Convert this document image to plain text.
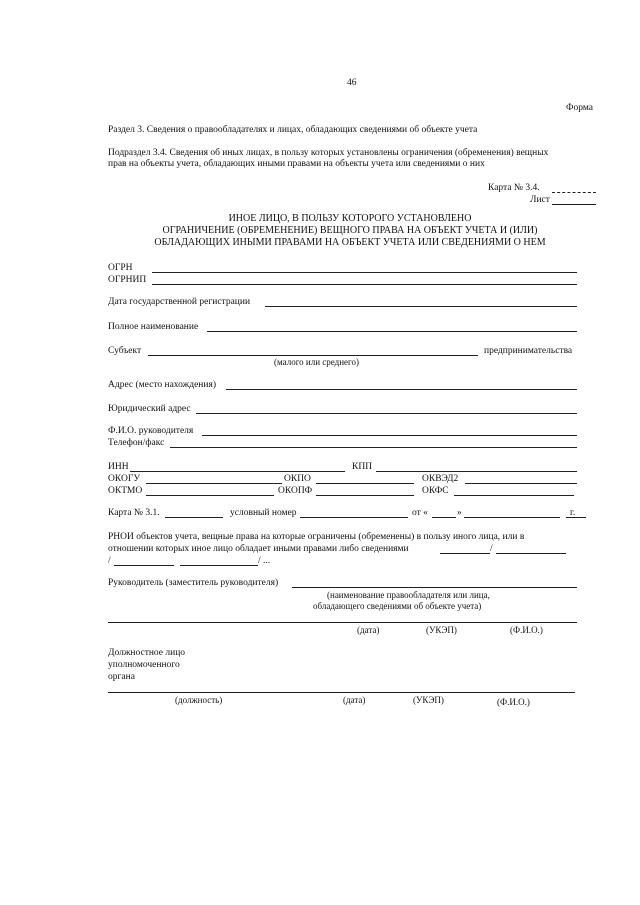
46
Форма
Раздел 3. Сведения о правообладателях и лицах, обладающих сведениями об объекте учета
Подраздел 3.4. Сведения об иных лицах, в пользу которых установлены ограничения (обременения) вещных
прав на объекты учета, обладающих иными правами на объекты учета или сведениями о них
Карта № 3.4.
Лист
ИНОЕ ЛИЦО, В ПОЛЬЗУ КОТОРОГО УСТАНОВЛЕНО
ОГРАНИЧЕНИЕ (ОБРЕМЕНЕНИЕ) ВЕЩНОГО ПРАВА НА ОБЪЕКТ УЧЕТА И (ИЛИ)
ОБЛАДАЮЩИХ ИНЫМИ ПРАВАМИ НА ОБЪЕКТ УЧЕТА ИЛИ СВЕДЕНИЯМИ О НЕМ
ОГРН
ОГРНИП
Дата государственной регистрации
Полное наименование
Субъект	предпринимательства
(малого или среднего)
Адрес (место нахождения)
Юридический адрес
Ф.И.О. руководителя
Телефон/факс
ИНН	КПП
ОКОГУ	ОКПО	ОКВЭД2
ОКТМО	ОКОПФ	ОКФС
Карта № 3.1.	условный номер	от «	»	г.
РНОИ объектов учета, вещные права на которые ограничены (обременены) в пользу иного лица, или в
отношении которых иное лицо обладает иными правами либо сведениями	/
/	/ ...
Руководитель (заместитель руководителя)
(наименование правообладателя или лица,
обладающего сведениями об объекте учета)
(дата)	(УКЭП)	(Ф.И.О.)
Должностное лицо
уполномоченного
органа
(должность)	(дата)	(УКЭП)	(Ф.И.О.)
